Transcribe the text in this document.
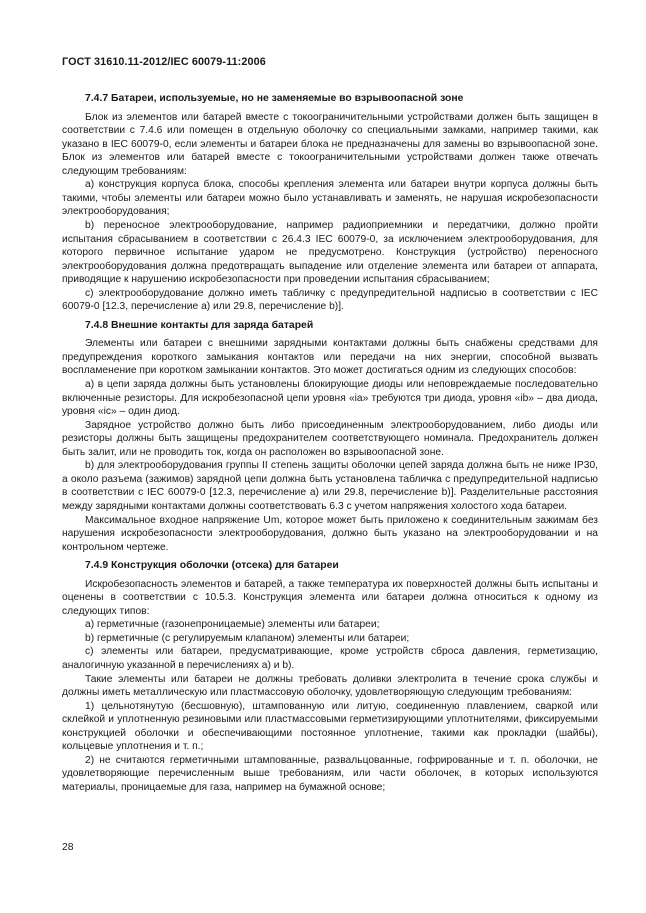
ГОСТ 31610.11-2012/IEC 60079-11:2006
7.4.7 Батареи, используемые, но не заменяемые во взрывоопасной зоне

Блок из элементов или батарей вместе с токоограничительными устройствами должен быть защищен в соответствии с 7.4.6 или помещен в отдельную оболочку со специальными замками, например такими, как указано в IEC 60079-0, если элементы и батареи блока не предназначены для замены во взрывоопасной зоне. Блок из элементов или батарей вместе с токоограничительными устройствами должен также отвечать следующим требованиям:

a) конструкция корпуса блока, способы крепления элемента или батареи внутри корпуса должны быть такими, чтобы элементы или батареи можно было устанавливать и заменять, не нарушая искробезопасности электрооборудования;

b) переносное электрооборудование, например радиоприемники и передатчики, должно пройти испытания сбрасыванием в соответствии с 26.4.3 IEC 60079-0, за исключением электрооборудования, для которого первичное испытание ударом не предусмотрено. Конструкция (устройство) переносного электрооборудования должна предотвращать выпадение или отделение элемента или батареи от аппарата, приводящие к нарушению искробезопасности при проведении испытания сбрасыванием;

c) электрооборудование должно иметь табличку с предупредительной надписью в соответствии с IEC 60079-0 [12.3, перечисление a) или 29.8, перечисление b)].

7.4.8 Внешние контакты для заряда батарей

Элементы или батареи с внешними зарядными контактами должны быть снабжены средствами для предупреждения короткого замыкания контактов или передачи на них энергии, способной вызвать воспламенение при коротком замыкании контактов. Это может достигаться одним из следующих способов:

a) в цепи заряда должны быть установлены блокирующие диоды или неповреждаемые последовательно включенные резисторы. Для искробезопасной цепи уровня «ia» требуются три диода, уровня «ib» – два диода, уровня «ic» – один диод.

Зарядное устройство должно быть либо присоединенным электрооборудованием, либо диоды или резисторы должны быть защищены предохранителем соответствующего номинала. Предохранитель должен быть залит, или не проводить ток, когда он расположен во взрывоопасной зоне.

b) для электрооборудования группы II степень защиты оболочки цепей заряда должна быть не ниже IP30, а около разъема (зажимов) зарядной цепи должна быть установлена табличка с предупредительной надписью в соответствии с IEC 60079-0 [12.3, перечисление a) или 29.8, перечисление b)]. Разделительные расстояния между зарядными контактами должны соответствовать 6.3 с учетом напряжения холостого хода батареи.

Максимальное входное напряжение Um, которое может быть приложено к соединительным зажимам без нарушения искробезопасности электрооборудования, должно быть указано на электрооборудовании и на контрольном чертеже.

7.4.9 Конструкция оболочки (отсека) для батареи

Искробезопасность элементов и батарей, а также температура их поверхностей должны быть испытаны и оценены в соответствии с 10.5.3. Конструкция элемента или батареи должна относиться к одному из следующих типов:

a) герметичные (газонепроницаемые) элементы или батареи;

b) герметичные (с регулируемым клапаном) элементы или батареи;

c) элементы или батареи, предусматривающие, кроме устройств сброса давления, герметизацию, аналогичную указанной в перечислениях a) и b).

Такие элементы или батареи не должны требовать доливки электролита в течение срока службы и должны иметь металлическую или пластмассовую оболочку, удовлетворяющую следующим требованиям:

1) цельнотянутую (бесшовную), штампованную или литую, соединенную плавлением, сваркой или склейкой и уплотненную резиновыми или пластмассовыми герметизирующими уплотнителями, фиксируемыми конструкцией оболочки и обеспечивающими постоянное уплотнение, такими как прокладки (шайбы), кольцевые уплотнения и т. п.;

2) не считаются герметичными штампованные, развальцованные, гофрированные и т. п. оболочки, не удовлетворяющие перечисленным выше требованиям, или части оболочек, в которых используются материалы, проницаемые для газа, например на бумажной основе;

28
